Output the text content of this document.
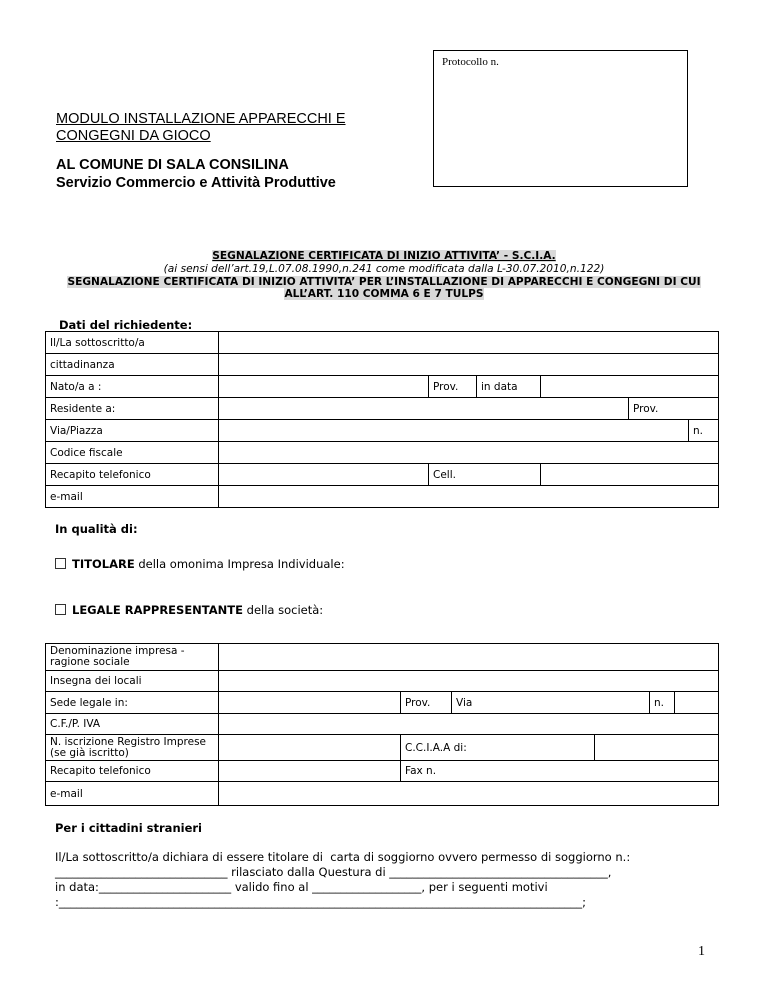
Protocollo n.
MODULO INSTALLAZIONE APPARECCHI E
CONGEGNI DA GIOCO
AL COMUNE DI SALA CONSILINA
Servizio Commercio e Attività Produttive
SEGNALAZIONE CERTIFICATA DI INIZIO ATTIVITA’ - S.C.I.A.
(ai sensi dell’art.19,L.07.08.1990,n.241 come modificata dalla L-30.07.2010,n.122)
SEGNALAZIONE CERTIFICATA DI INIZIO ATTIVITA’ PER L’INSTALLAZIONE DI APPARECCHI E CONGEGNI DI CUI
ALL’ART. 110 COMMA 6 E 7 TULPS
Dati del richiedente:
Il/La sottoscritto/a						
cittadinanza						
Nato/a a :		Prov.	in data			
Residente a:					Prov.	
Via/Piazza						n.
Codice fiscale						
Recapito telefonico		Cell.				
e-mail						
In qualità di:
TITOLARE della omonima Impresa Individuale:
LEGALE RAPPRESENTANTE della società:
Denominazione impresa - ragione sociale						
Insegna dei locali						
Sede legale in:		Prov.	Via		n.	
C.F./P. IVA						
N. iscrizione Registro Imprese (se già iscritto)		C.C.I.A.A di:				
Recapito telefonico		Fax n.				
e-mail						
Per i cittadini stranieri
Il/La sottoscritto/a dichiara di essere titolare di  carta di soggiorno ovvero permesso di soggiorno n.:
______________________________ rilasciato dalla Questura di ______________________________________,
in data:_______________________ valido fino al ___________________, per i seguenti motivi
:___________________________________________________________________________________________;
1
